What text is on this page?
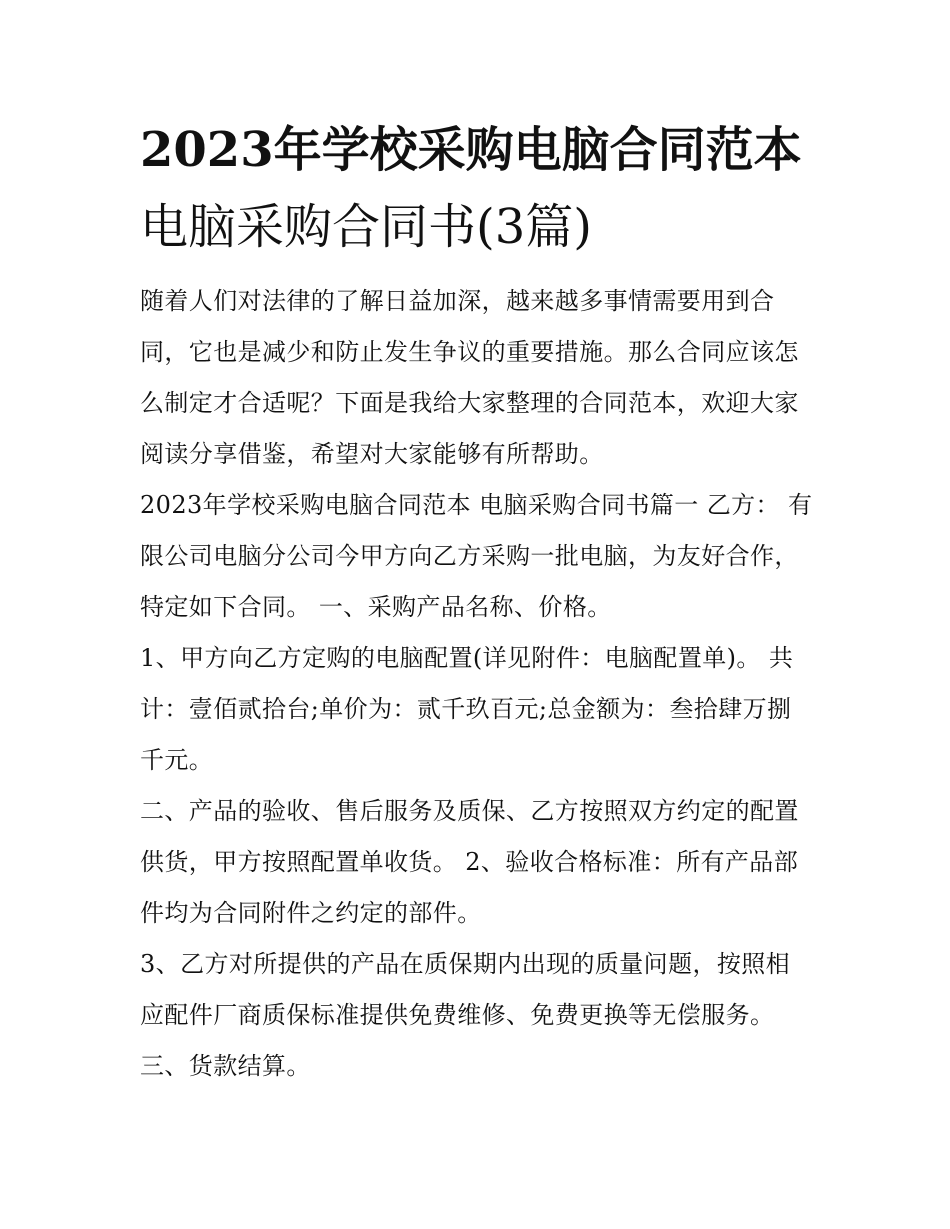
2023年学校采购电脑合同范本
电脑采购合同书(3篇)

随着人们对法律的了解日益加深，越来越多事情需要用到合

同，它也是减少和防止发生争议的重要措施。那么合同应该怎

么制定才合适呢？下面是我给大家整理的合同范本，欢迎大家

阅读分享借鉴，希望对大家能够有所帮助。

2023年学校采购电脑合同范本 电脑采购合同书篇一 乙方： 有

限公司电脑分公司今甲方向乙方采购一批电脑，为友好合作，

特定如下合同。 一、采购产品名称、价格。

1、甲方向乙方定购的电脑配置(详见附件：电脑配置单)。 共

计：壹佰贰拾台;单价为：贰千玖百元;总金额为：叁拾肆万捌

千元。

二、产品的验收、售后服务及质保、乙方按照双方约定的配置

供货，甲方按照配置单收货。 2、验收合格标准：所有产品部

件均为合同附件之约定的部件。

3、乙方对所提供的产品在质保期内出现的质量问题，按照相

应配件厂商质保标准提供免费维修、免费更换等无偿服务。

三、货款结算。
